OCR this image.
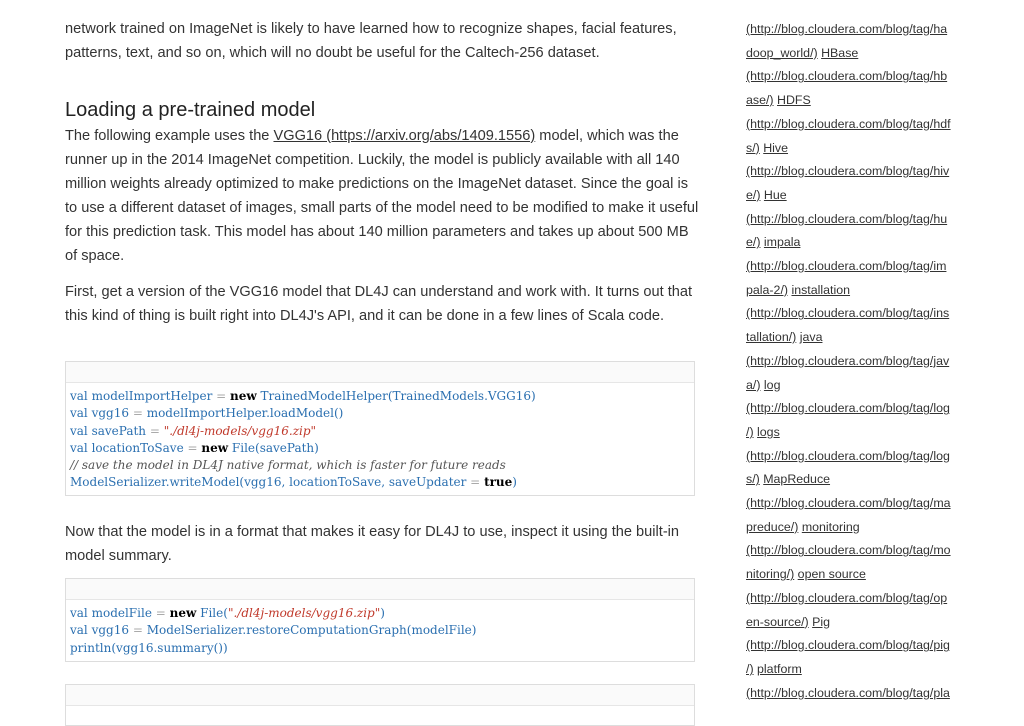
network trained on ImageNet is likely to have learned how to recognize shapes, facial features, patterns, text, and so on, which will no doubt be useful for the Caltech-256 dataset.

Loading a pre-trained model

The following example uses the VGG16 (https://arxiv.org/abs/1409.1556) model, which was the runner up in the 2014 ImageNet competition. Luckily, the model is publicly available with all 140 million weights already optimized to make predictions on the ImageNet dataset. Since the goal is to use a different dataset of images, small parts of the model need to be modified to make it useful for this prediction task. This model has about 140 million parameters and takes up about 500 MB of space.

First, get a version of the VGG16 model that DL4J can understand and work with. It turns out that this kind of thing is built right into DL4J's API, and it can be done in a few lines of Scala code.

val modelImportHelper = new TrainedModelHelper(TrainedModels.VGG16)
val vgg16 = modelImportHelper.loadModel()
val savePath = "./dl4j-models/vgg16.zip"
val locationToSave = new File(savePath)
// save the model in DL4J native format, which is faster for future reads
ModelSerializer.writeModel(vgg16, locationToSave, saveUpdater = true)

Now that the model is in a format that makes it easy for DL4J to use, inspect it using the built-in model summary.

val modelFile = new File("./dl4j-models/vgg16.zip")
val vgg16 = ModelSerializer.restoreComputationGraph(modelFile)
println(vgg16.summary())
(http://blog.cloudera.com/blog/tag/ha
doop_world/) HBase
(http://blog.cloudera.com/blog/tag/hb
ase/) HDFS
(http://blog.cloudera.com/blog/tag/hdf
s/) Hive
(http://blog.cloudera.com/blog/tag/hiv
e/) Hue
(http://blog.cloudera.com/blog/tag/hu
e/) impala
(http://blog.cloudera.com/blog/tag/im
pala-2/) installation
(http://blog.cloudera.com/blog/tag/ins
tallation/) java
(http://blog.cloudera.com/blog/tag/jav
a/) log
(http://blog.cloudera.com/blog/tag/log
/) logs
(http://blog.cloudera.com/blog/tag/log
s/) MapReduce
(http://blog.cloudera.com/blog/tag/ma
preduce/) monitoring
(http://blog.cloudera.com/blog/tag/mo
nitoring/) open source
(http://blog.cloudera.com/blog/tag/op
en-source/) Pig
(http://blog.cloudera.com/blog/tag/pig
/) platform
(http://blog.cloudera.com/blog/tag/pla
